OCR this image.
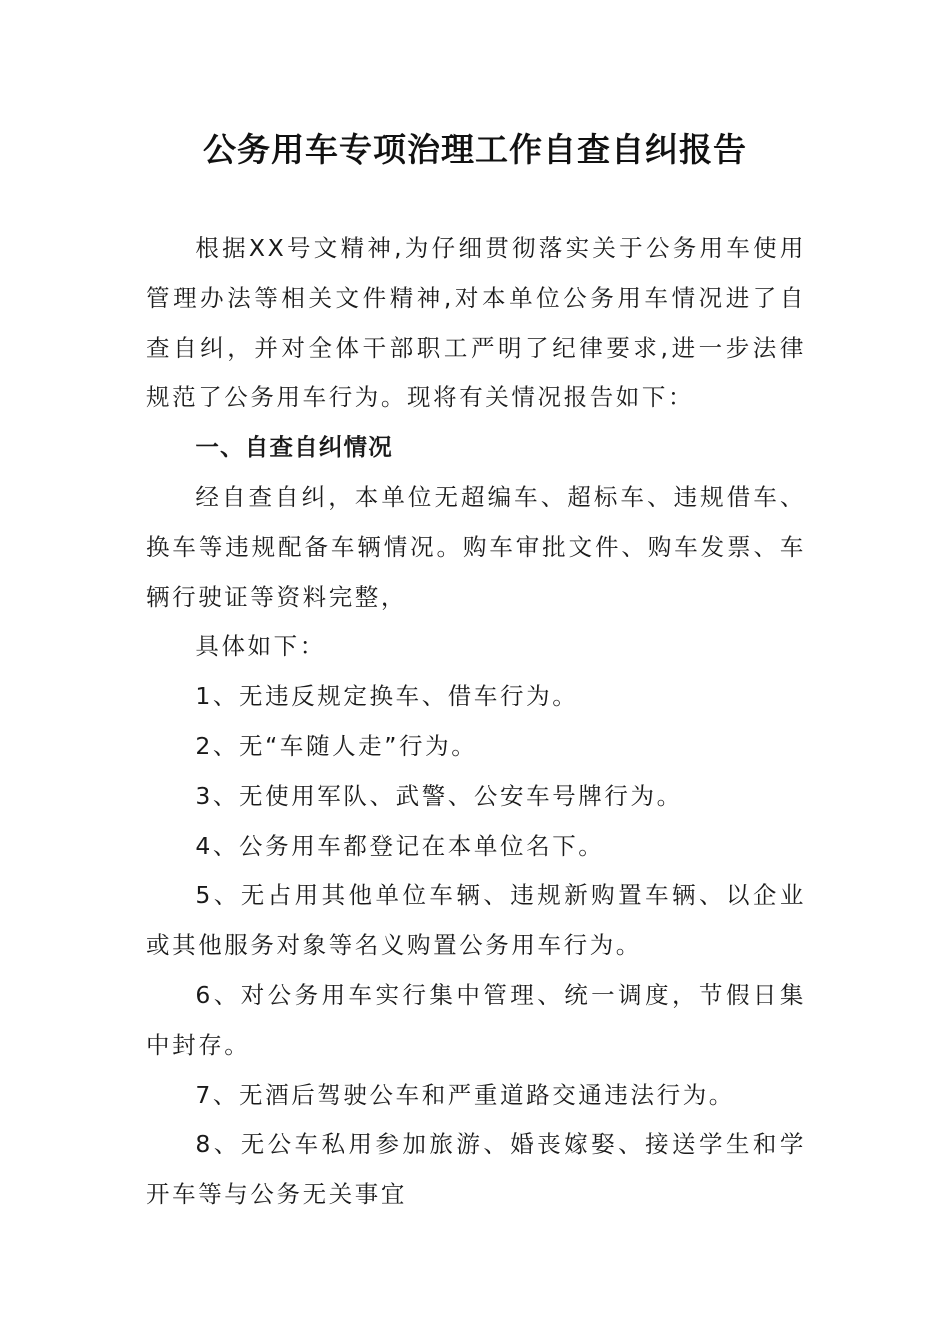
公务用车专项治理工作自查自纠报告

根据XX号文精神,为仔细贯彻落实关于公务用车使用管理办法等相关文件精神,对本单位公务用车情况进了自查自纠，并对全体干部职工严明了纪律要求,进一步法律规范了公务用车行为。现将有关情况报告如下：

一、自查自纠情况

经自查自纠，本单位无超编车、超标车、违规借车、换车等违规配备车辆情况。购车审批文件、购车发票、车辆行驶证等资料完整，

具体如下：

1、无违反规定换车、借车行为。

2、无“车随人走”行为。

3、无使用军队、武警、公安车号牌行为。

4、公务用车都登记在本单位名下。

5、无占用其他单位车辆、违规新购置车辆、以企业或其他服务对象等名义购置公务用车行为。

6、对公务用车实行集中管理、统一调度，节假日集中封存。

7、无酒后驾驶公车和严重道路交通违法行为。

8、无公车私用参加旅游、婚丧嫁娶、接送学生和学开车等与公务无关事宜
